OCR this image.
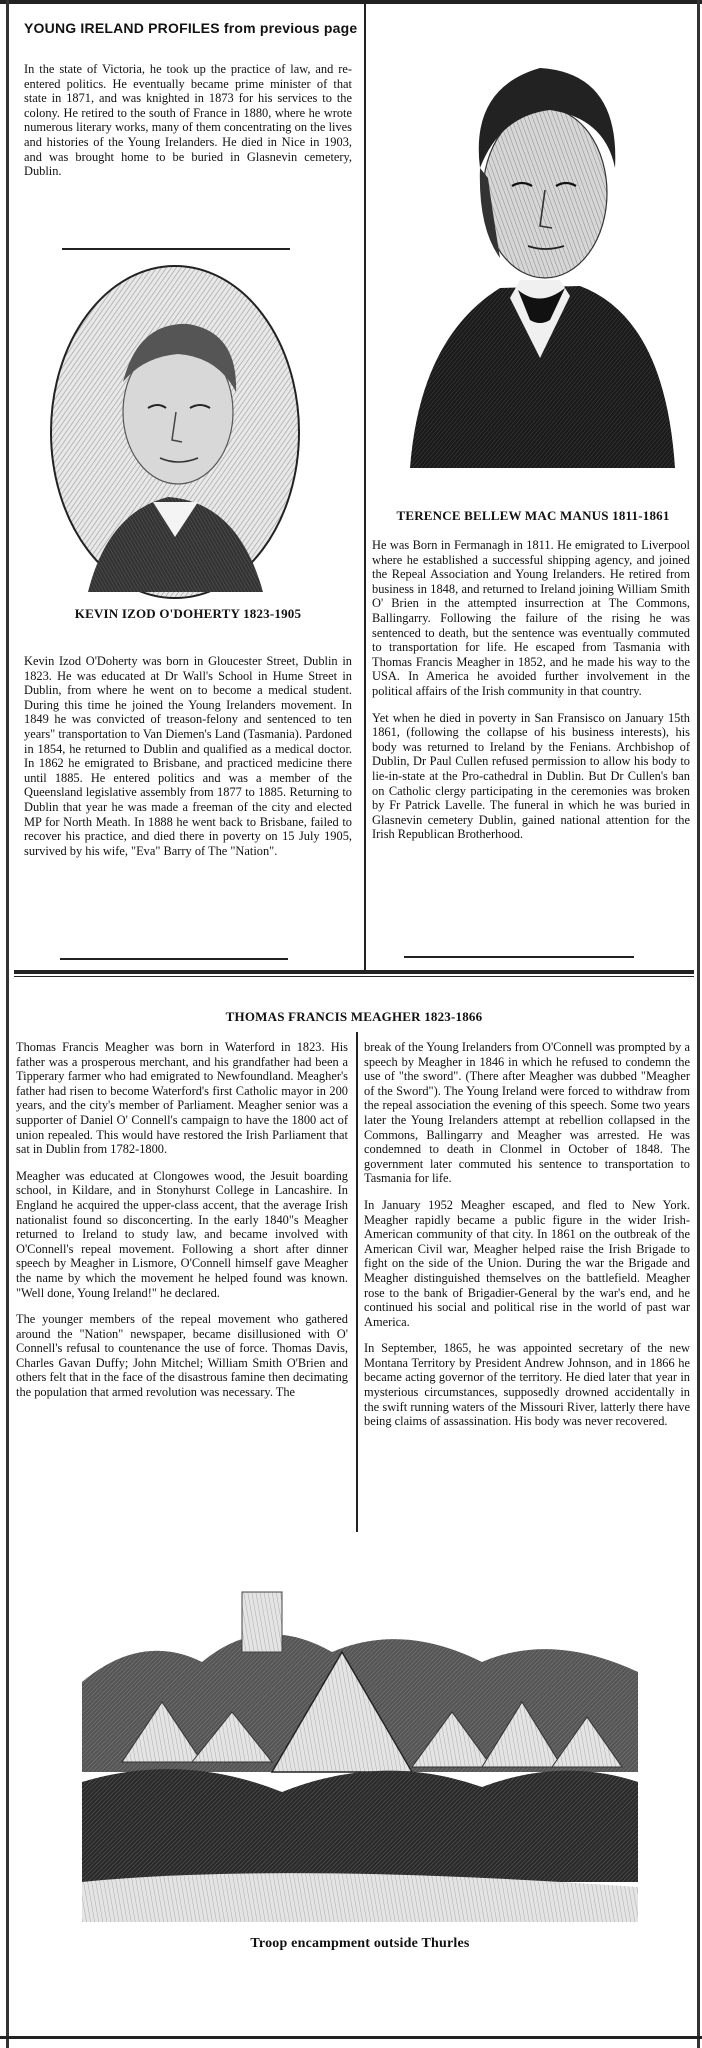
YOUNG IRELAND PROFILES from previous page
In the state of Victoria, he took up the practice of law, and re-entered politics. He eventually became prime minister of that state in 1871, and was knighted in 1873 for his services to the colony. He retired to the south of France in 1880, where he wrote numerous literary works, many of them concentrating on the lives and histories of the Young Irelanders. He died in Nice in 1903, and was brought home to be buried in Glasnevin cemetery, Dublin.
KEVIN IZOD O'DOHERTY 1823-1905
Kevin Izod O'Doherty was born in Gloucester Street, Dublin in 1823. He was educated at Dr Wall's School in Hume Street in Dublin, from where he went on to become a medical student. During this time he joined the Young Irelanders movement. In 1849 he was convicted of treason-felony and sentenced to ten years" transportation to Van Diemen's Land (Tasmania). Pardoned in 1854, he returned to Dublin and qualified as a medical doctor. In 1862 he emigrated to Brisbane, and practiced medicine there until 1885. He entered politics and was a member of the Queensland legislative assembly from 1877 to 1885. Returning to Dublin that year he was made a freeman of the city and elected MP for North Meath. In 1888 he went back to Brisbane, failed to recover his practice, and died there in poverty on 15 July 1905, survived by his wife, "Eva" Barry of The "Nation".
TERENCE BELLEW MAC MANUS 1811-1861

He was Born in Fermanagh in 1811. He emigrated to Liverpool where he established a successful shipping agency, and joined the Repeal Association and Young Irelanders. He retired from business in 1848, and returned to Ireland joining William Smith O' Brien in the attempted insurrection at The Commons, Ballingarry. Following the failure of the rising he was sentenced to death, but the sentence was eventually commuted to transportation for life. He escaped from Tasmania with Thomas Francis Meagher in 1852, and he made his way to the USA. In America he avoided further involvement in the political affairs of the Irish community in that country.

Yet when he died in poverty in San Fransisco on January 15th 1861, (following the collapse of his business interests), his body was returned to Ireland by the Fenians. Archbishop of Dublin, Dr Paul Cullen refused permission to allow his body to lie-in-state at the Pro-cathedral in Dublin. But Dr Cullen's ban on Catholic clergy participating in the ceremonies was broken by Fr Patrick Lavelle. The funeral in which he was buried in Glasnevin cemetery Dublin, gained national attention for the Irish Republican Brotherhood.

THOMAS FRANCIS MEAGHER 1823-1866

Thomas Francis Meagher was born in Waterford in 1823. His father was a prosperous merchant, and his grandfather had been a Tipperary farmer who had emigrated to Newfoundland. Meagher's father had risen to become Waterford's first Catholic mayor in 200 years, and the city's member of Parliament. Meagher senior was a supporter of Daniel O' Connell's campaign to have the 1800 act of union repealed. This would have restored the Irish Parliament that sat in Dublin from 1782-1800.

Meagher was educated at Clongowes wood, the Jesuit boarding school, in Kildare, and in Stonyhurst College in Lancashire. In England he acquired the upper-class accent, that the average Irish nationalist found so disconcerting. In the early 1840"s Meagher returned to Ireland to study law, and became involved with O'Connell's repeal movement. Following a short after dinner speech by Meagher in Lismore, O'Connell himself gave Meagher the name by which the movement he helped found was known. "Well done, Young Ireland!" he declared.

The younger members of the repeal movement who gathered around the "Nation" newspaper, became disillusioned with O' Connell's refusal to countenance the use of force. Thomas Davis, Charles Gavan Duffy; John Mitchel; William Smith O'Brien and others felt that in the face of the disastrous famine then decimating the population that armed revolution was necessary. The

break of the Young Irelanders from O'Connell was prompted by a speech by Meagher in 1846 in which he refused to condemn the use of "the sword". (There after Meagher was dubbed "Meagher of the Sword"). The Young Ireland were forced to withdraw from the repeal association the evening of this speech. Some two years later the Young Irelanders attempt at rebellion collapsed in the Commons, Ballingarry and Meagher was arrested. He was condemned to death in Clonmel in October of 1848. The government later commuted his sentence to transportation to Tasmania for life.

In January 1952 Meagher escaped, and fled to New York. Meagher rapidly became a public figure in the wider Irish-American community of that city. In 1861 on the outbreak of the American Civil war, Meagher helped raise the Irish Brigade to fight on the side of the Union. During the war the Brigade and Meagher distinguished themselves on the battlefield. Meagher rose to the bank of Brigadier-General by the war's end, and he continued his social and political rise in the world of past war America.

In September, 1865, he was appointed secretary of the new Montana Territory by President Andrew Johnson, and in 1866 he became acting governor of the territory. He died later that year in mysterious circumstances, supposedly drowned accidentally in the swift running waters of the Missouri River, latterly there have being claims of assassination. His body was never recovered.

Troop encampment outside Thurles
